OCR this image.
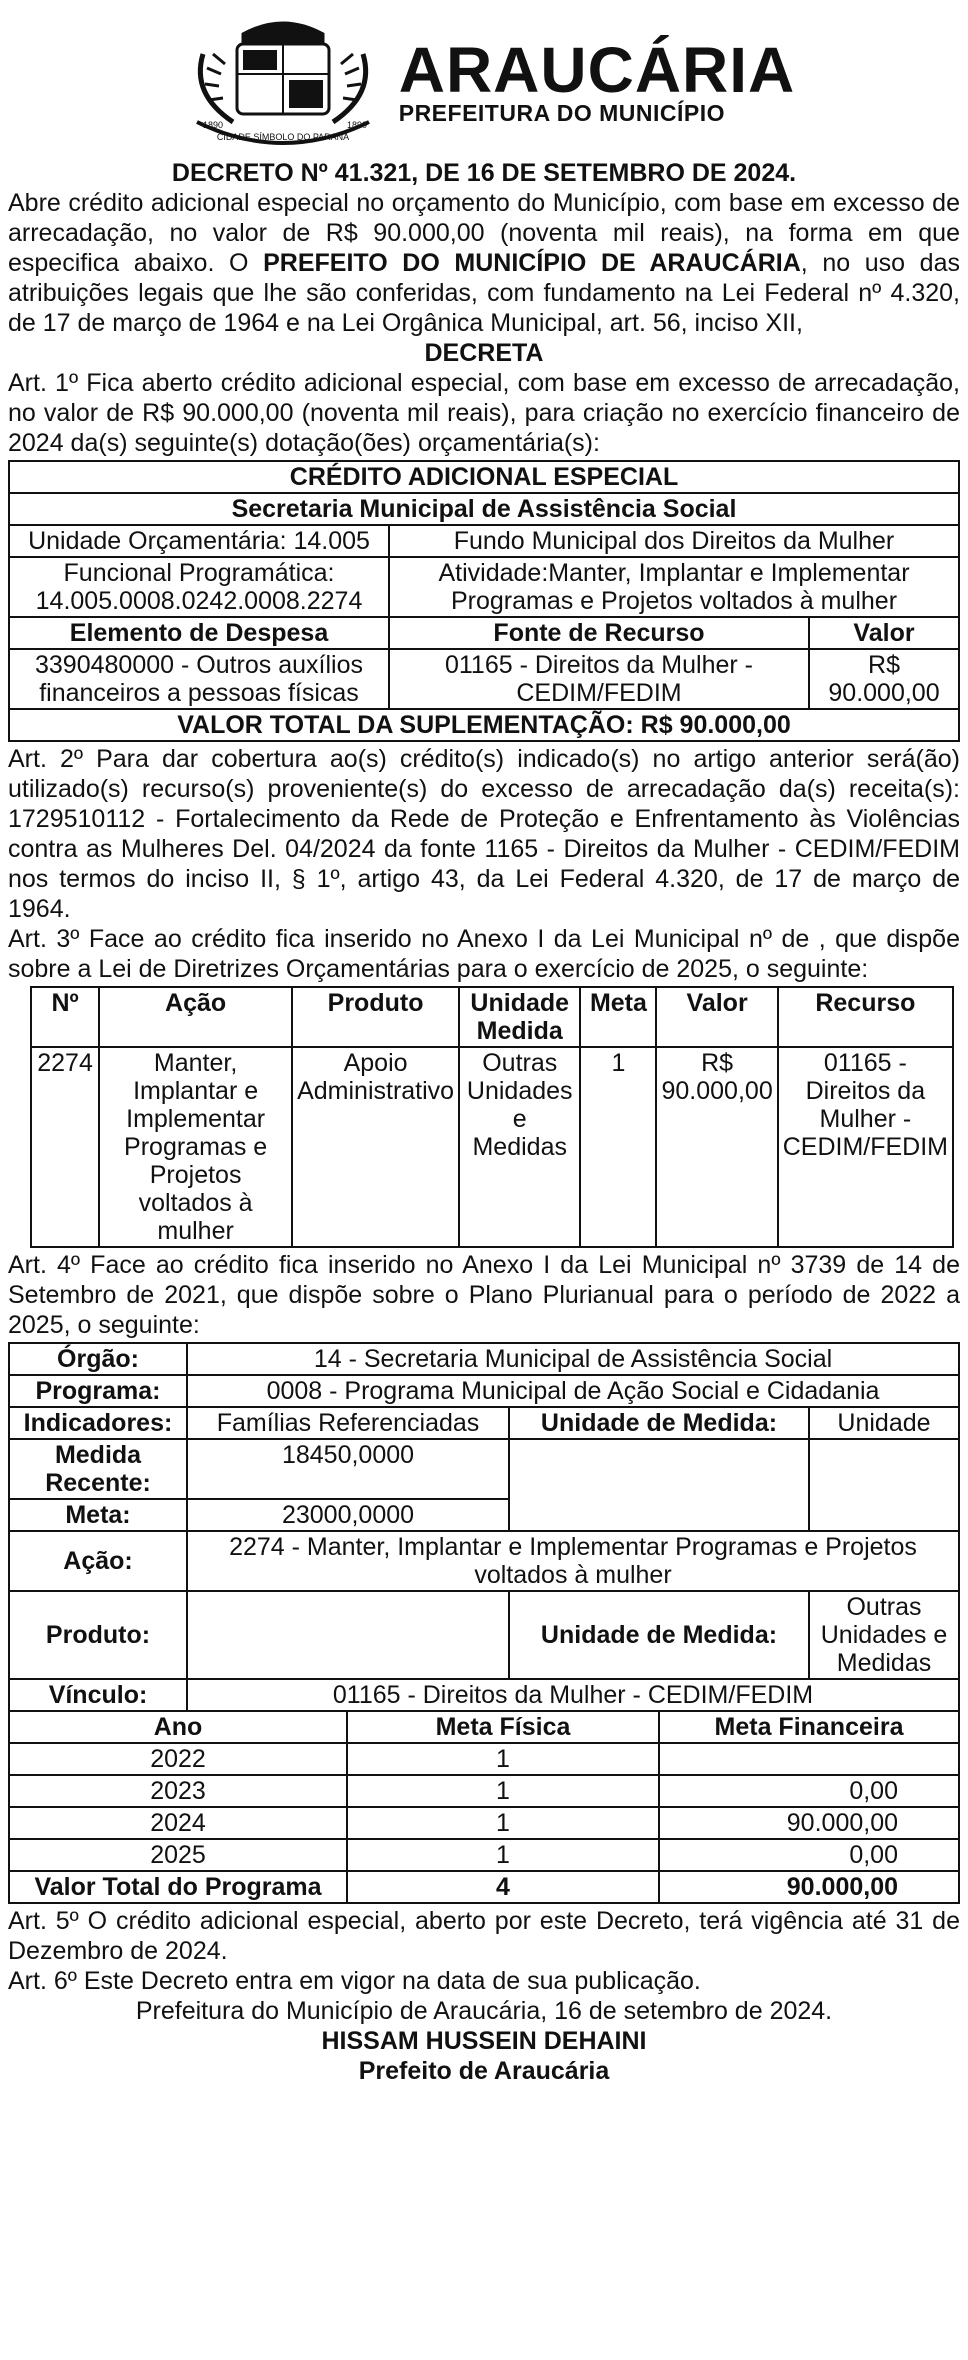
CIDADE SÍMBOLO DO PARANÁ
1890	1890
ARAUCÁRIA
PREFEITURA DO MUNICÍPIO

DECRETO Nº 41.321, DE 16 DE SETEMBRO DE 2024.

Abre crédito adicional especial no orçamento do Município, com base em excesso de arrecadação, no valor de R$ 90.000,00 (noventa mil reais), na forma em que especifica abaixo. O PREFEITO DO MUNICÍPIO DE ARAUCÁRIA, no uso das atribuições legais que lhe são conferidas, com fundamento na Lei Federal nº 4.320, de 17 de março de 1964 e na Lei Orgânica Municipal, art. 56, inciso XII,

DECRETA

Art. 1º Fica aberto crédito adicional especial, com base em excesso de arrecadação, no valor de R$ 90.000,00 (noventa mil reais), para criação no exercício financeiro de 2024 da(s) seguinte(s) dotação(ões) orçamentária(s):

CRÉDITO ADICIONAL ESPECIAL		
Secretaria Municipal de Assistência Social		
Unidade Orçamentária: 14.005	Fundo Municipal dos Direitos da Mulher	
Funcional Programática:
14.005.0008.0242.0008.2274	Atividade:Manter, Implantar e Implementar Programas e Projetos voltados à mulher	
Elemento de Despesa	Fonte de Recurso	Valor
3390480000 - Outros auxílios financeiros a pessoas físicas	01165 - Direitos da Mulher - CEDIM/FEDIM	R$ 90.000,00
VALOR TOTAL DA SUPLEMENTAÇÃO: R$ 90.000,00		

Art. 2º Para dar cobertura ao(s) crédito(s) indicado(s) no artigo anterior será(ão) utilizado(s) recurso(s) proveniente(s) do excesso de arrecadação da(s) receita(s): 1729510112 - Fortalecimento da Rede de Proteção e Enfrentamento às Violências contra as Mulheres Del. 04/2024 da fonte 1165 - Direitos da Mulher - CEDIM/FEDIM nos termos do inciso II, § 1º, artigo 43, da Lei Federal 4.320, de 17 de março de 1964.

Art. 3º Face ao crédito fica inserido no Anexo I da Lei Municipal nº de , que dispõe sobre a Lei de Diretrizes Orçamentárias para o exercício de 2025, o seguinte:

Nº	Ação	Produto	Unidade Medida	Meta	Valor	Recurso
2274	Manter, Implantar e Implementar Programas e Projetos voltados à mulher	Apoio Administrativo	Outras Unidades e Medidas	1	R$ 90.000,00	01165 - Direitos da Mulher - CEDIM/FEDIM

Art. 4º Face ao crédito fica inserido no Anexo I da Lei Municipal nº 3739 de 14 de Setembro de 2021, que dispõe sobre o Plano Plurianual para o período de 2022 a 2025, o seguinte:

Órgão:	14 - Secretaria Municipal de Assistência Social				
Programa:	0008 - Programa Municipal de Ação Social e Cidadania				
Indicadores:	Famílias Referenciadas		Unidade de Medida:		Unidade
Medida Recente:	18450,0000				
Meta:	23000,0000				
Ação:	2274 - Manter, Implantar e Implementar Programas e Projetos voltados à mulher				
Produto:			Unidade de Medida:		Outras Unidades e Medidas
Vínculo:	01165 - Direitos da Mulher - CEDIM/FEDIM				
Ano		Meta Física		Meta Financeira	
2022		1			
2023		1		0,00	
2024		1		90.000,00	
2025		1		0,00	
Valor Total do Programa		4		90.000,00	

Art. 5º O crédito adicional especial, aberto por este Decreto, terá vigência até 31 de Dezembro de 2024.

Art. 6º Este Decreto entra em vigor na data de sua publicação.

Prefeitura do Município de Araucária, 16 de setembro de 2024.

HISSAM HUSSEIN DEHAINI
Prefeito de Araucária
